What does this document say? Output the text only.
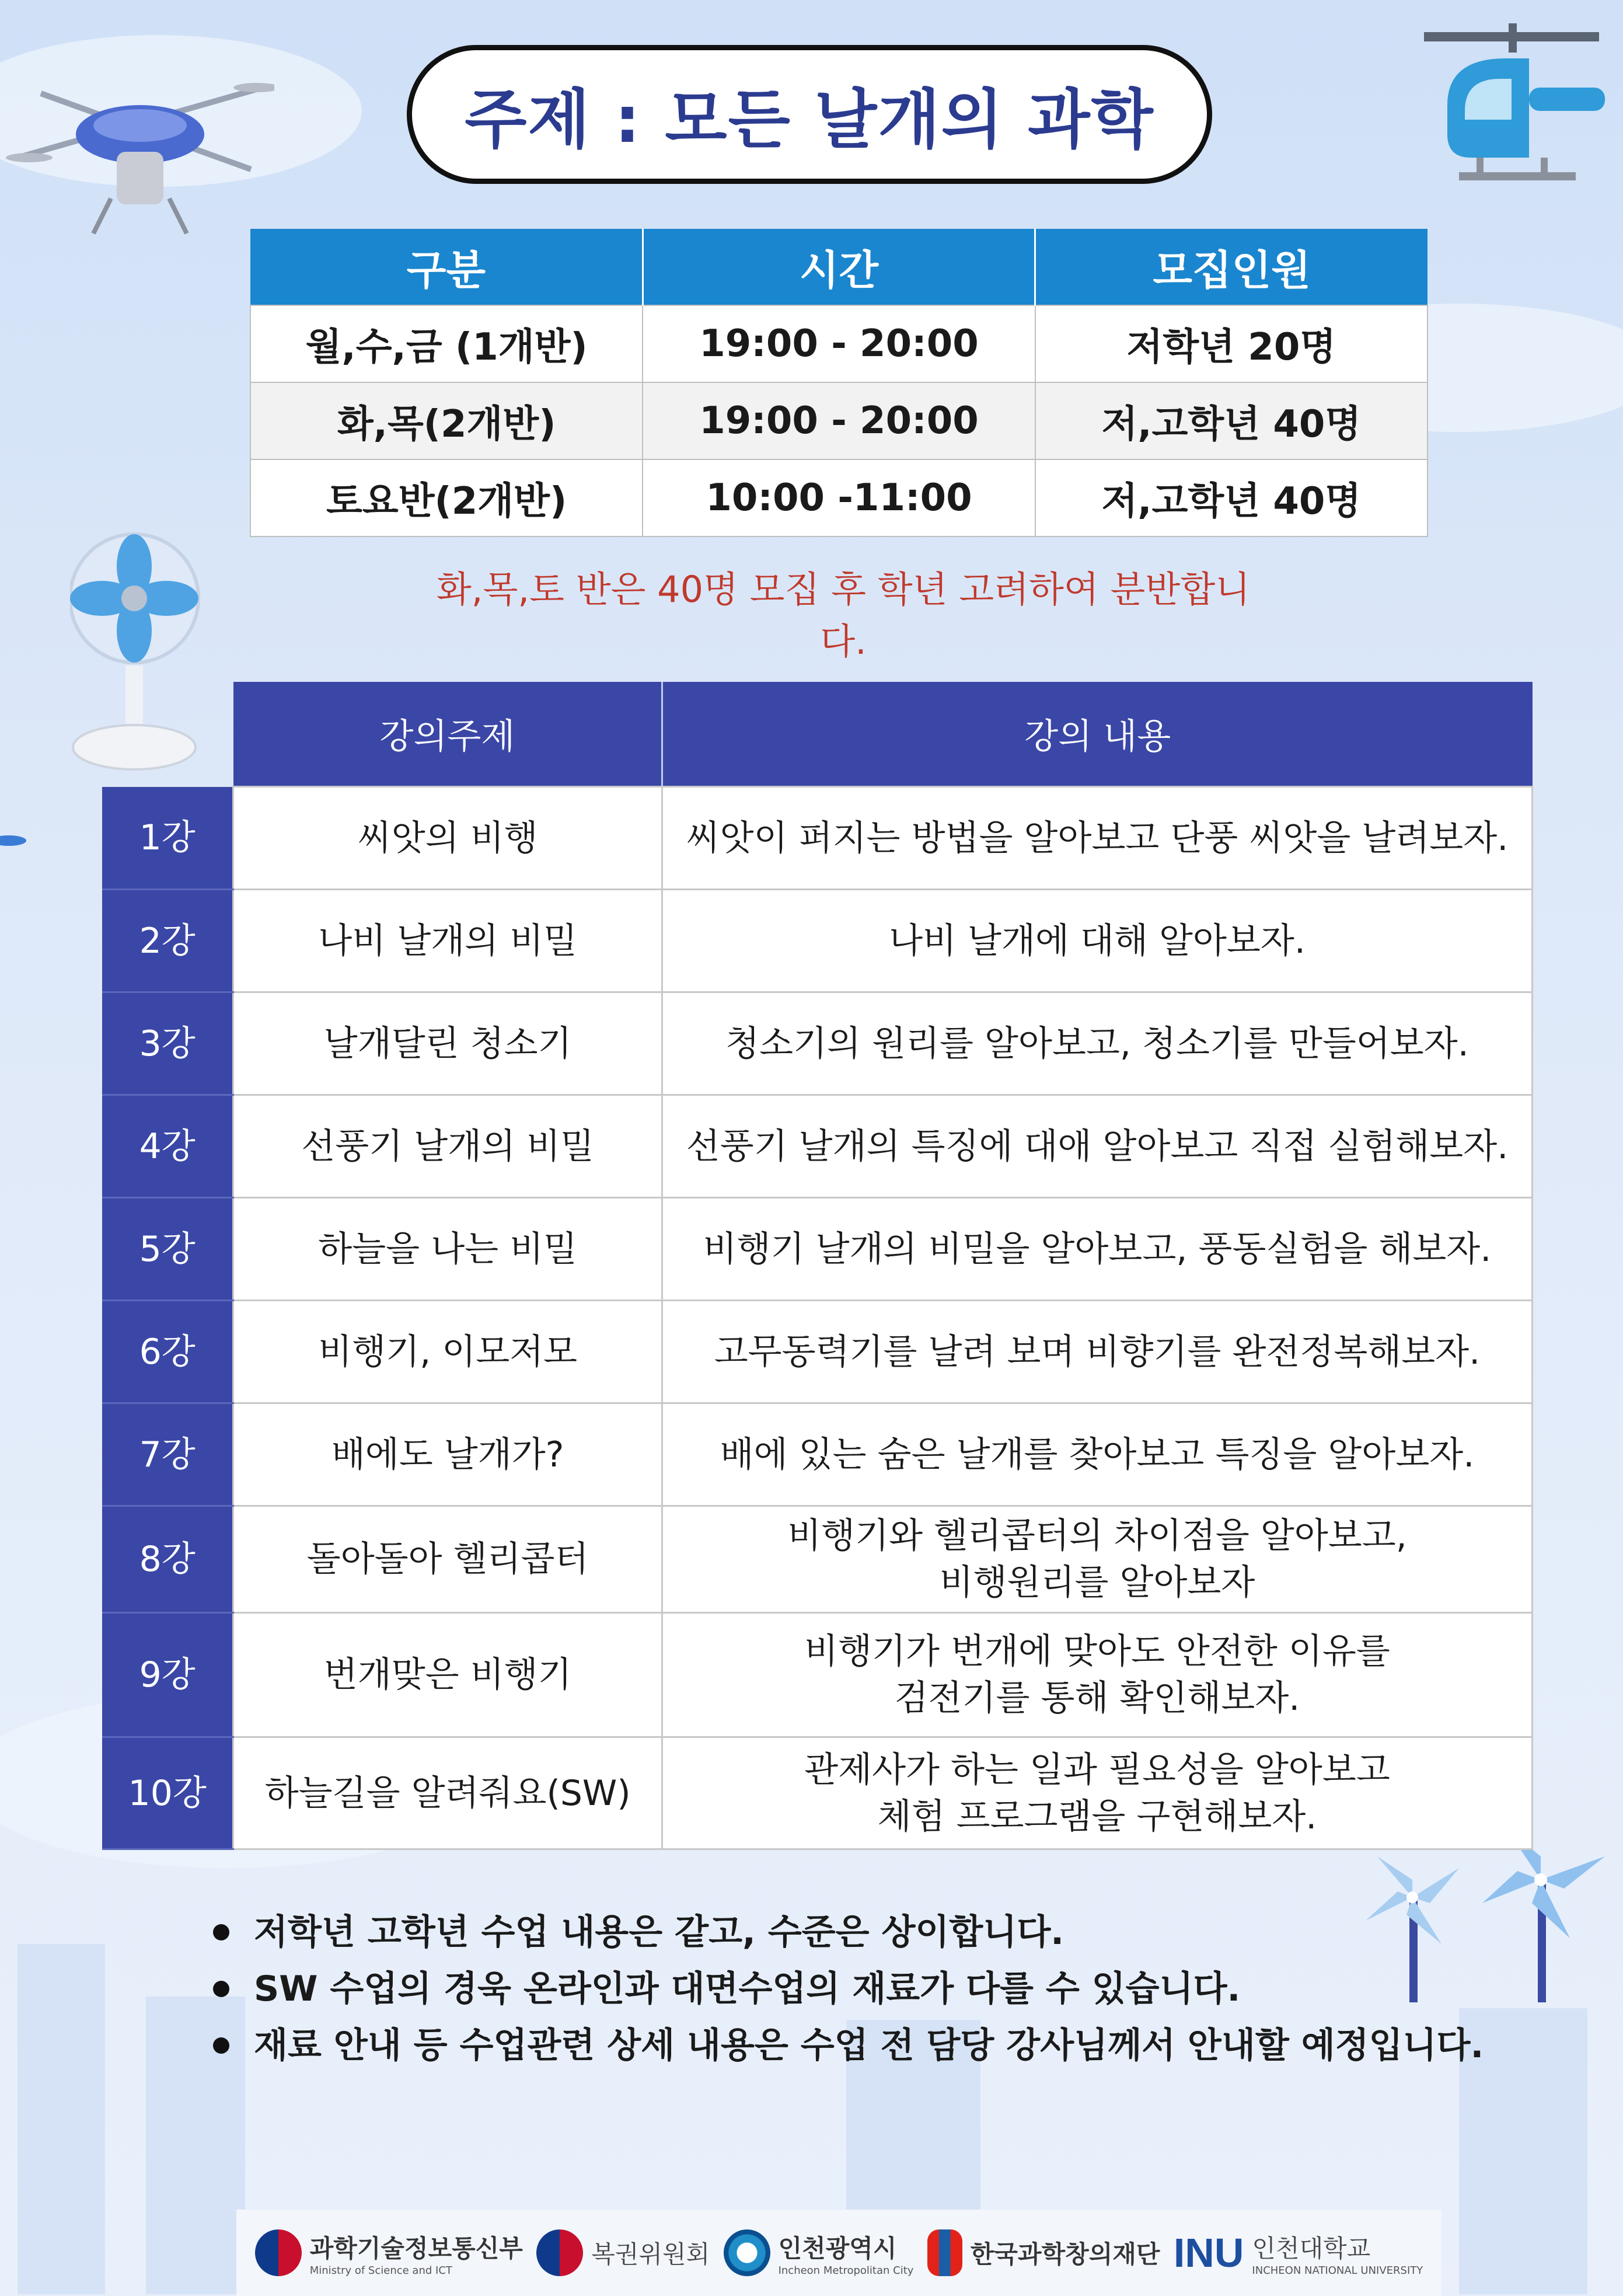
주제 : 모든 날개의 과학
구분	시간	모집인원
월,수,금 (1개반)	19:00 - 20:00	저학년 20명
화,목(2개반)	19:00 - 20:00	저,고학년 40명
토요반(2개반)	10:00 -11:00	저,고학년 40명
화,목,토 반은 40명 모집 후 학년 고려하여 분반합니다.
	강의주제	강의 내용
1강	씨앗의 비행	씨앗이 퍼지는 방법을 알아보고 단풍 씨앗을 날려보자.

2강	나비 날개의 비밀	나비 날개에 대해 알아보자.

3강	날개달린 청소기	청소기의 원리를 알아보고, 청소기를 만들어보자.

4강	선풍기 날개의 비밀	선풍기 날개의 특징에 대애 알아보고 직접 실험해보자.

5강	하늘을 나는 비밀	비행기 날개의 비밀을 알아보고, 풍동실험을 해보자.

6강	비행기, 이모저모	고무동력기를 날려 보며 비향기를 완전정복해보자.

7강	배에도 날개가?	배에 있는 숨은 날개를 찾아보고 특징을 알아보자.

8강	돌아돌아 헬리콥터	비행기와 헬리콥터의 차이점을 알아보고,
비행원리를 알아보자

9강	번개맞은 비행기	비행기가 번개에 맞아도 안전한 이유를
검전기를 통해 확인해보자.

10강	하늘길을 알려줘요(SW)	관제사가 하는 일과 필요성을 알아보고
체험 프로그램을 구현해보자.
저학년 고학년 수업 내용은 같고, 수준은 상이합니다.
SW 수업의 경욱 온라인과 대면수업의 재료가 다를 수 있습니다.
재료 안내 등 수업관련 상세 내용은 수업 전 담당 강사님께서 안내할 예정입니다.
과학기술정보통신부
Ministry of Science and ICT
복권위원회	인천광역시
Incheon Metropolitan City
한국과학창의재단 INU 인천대학교
INCHEON NATIONAL UNIVERSITY
